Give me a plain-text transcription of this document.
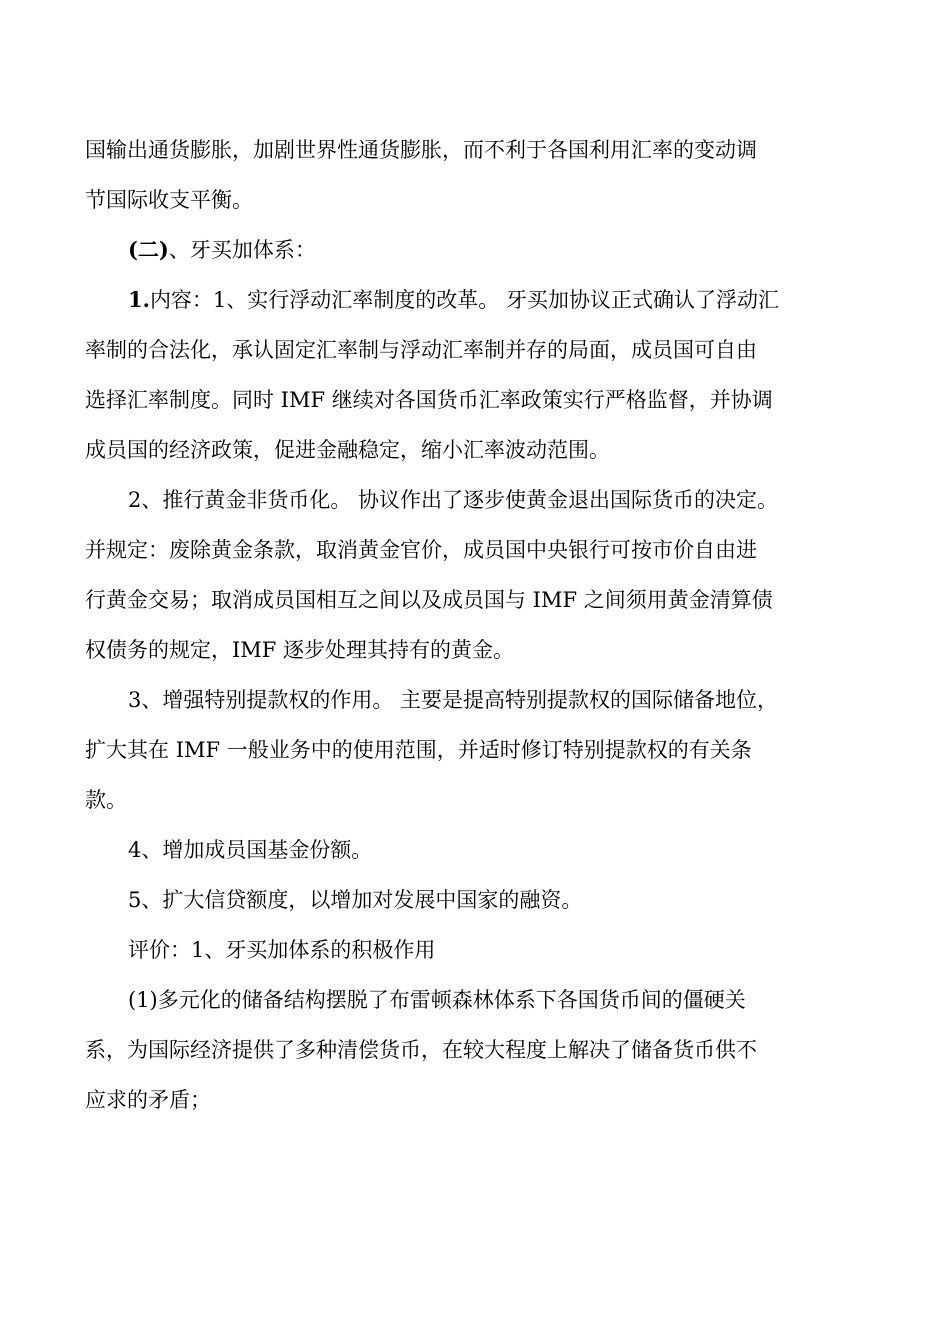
国输出通货膨胀，加剧世界性通货膨胀，而不利于各国利用汇率的变动调
节国际收支平衡。
(二)、牙买加体系：
1.内容：1、实行浮动汇率制度的改革。 牙买加协议正式确认了浮动汇
率制的合法化，承认固定汇率制与浮动汇率制并存的局面，成员国可自由
选择汇率制度。同时 IMF 继续对各国货币汇率政策实行严格监督，并协调
成员国的经济政策，促进金融稳定，缩小汇率波动范围。
2、推行黄金非货币化。 协议作出了逐步使黄金退出国际货币的决定。
并规定：废除黄金条款，取消黄金官价，成员国中央银行可按市价自由进
行黄金交易；取消成员国相互之间以及成员国与 IMF 之间须用黄金清算债
权债务的规定，IMF 逐步处理其持有的黄金。
3、增强特别提款权的作用。 主要是提高特别提款权的国际储备地位，
扩大其在 IMF 一般业务中的使用范围，并适时修订特别提款权的有关条
款。
4、增加成员国基金份额。
5、扩大信贷额度，以增加对发展中国家的融资。
评价：1、牙买加体系的积极作用
(1)多元化的储备结构摆脱了布雷顿森林体系下各国货币间的僵硬关
系，为国际经济提供了多种清偿货币，在较大程度上解决了储备货币供不
应求的矛盾；
